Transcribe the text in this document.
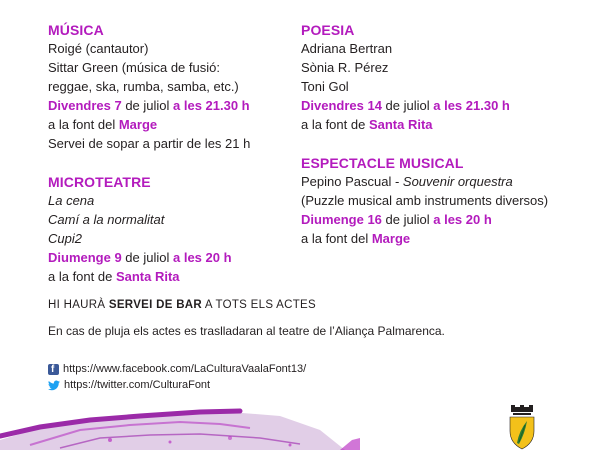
MÚSICA
Roigé (cantautor)
Sittar Green (música de fusió:
reggae, ska, rumba, samba, etc.)
Divendres 7 de juliol a les 21.30 h
a la font del Marge
Servei de sopar a partir de les 21 h
MICROTEATRE
La cena
Camí a la normalitat
Cupi2
Diumenge 9 de juliol a les 20 h
a la font de Santa Rita
POESIA
Adriana Bertran
Sònia R. Pérez
Toni Gol
Divendres 14 de juliol a les 21.30 h
a la font de Santa Rita
ESPECTACLE MUSICAL
Pepino Pascual - Souvenir orquestra
(Puzzle musical amb instruments diversos)
Diumenge 16 de juliol a les 20 h
a la font del Marge
HI HAURÀ SERVEI DE BAR A TOTS ELS ACTES
En cas de pluja els actes es traslladaran al teatre de l’Aliança Palmarenca.
f
https://www.facebook.com/LaCulturaVaalaFont13/
https://twitter.com/CulturaFont
